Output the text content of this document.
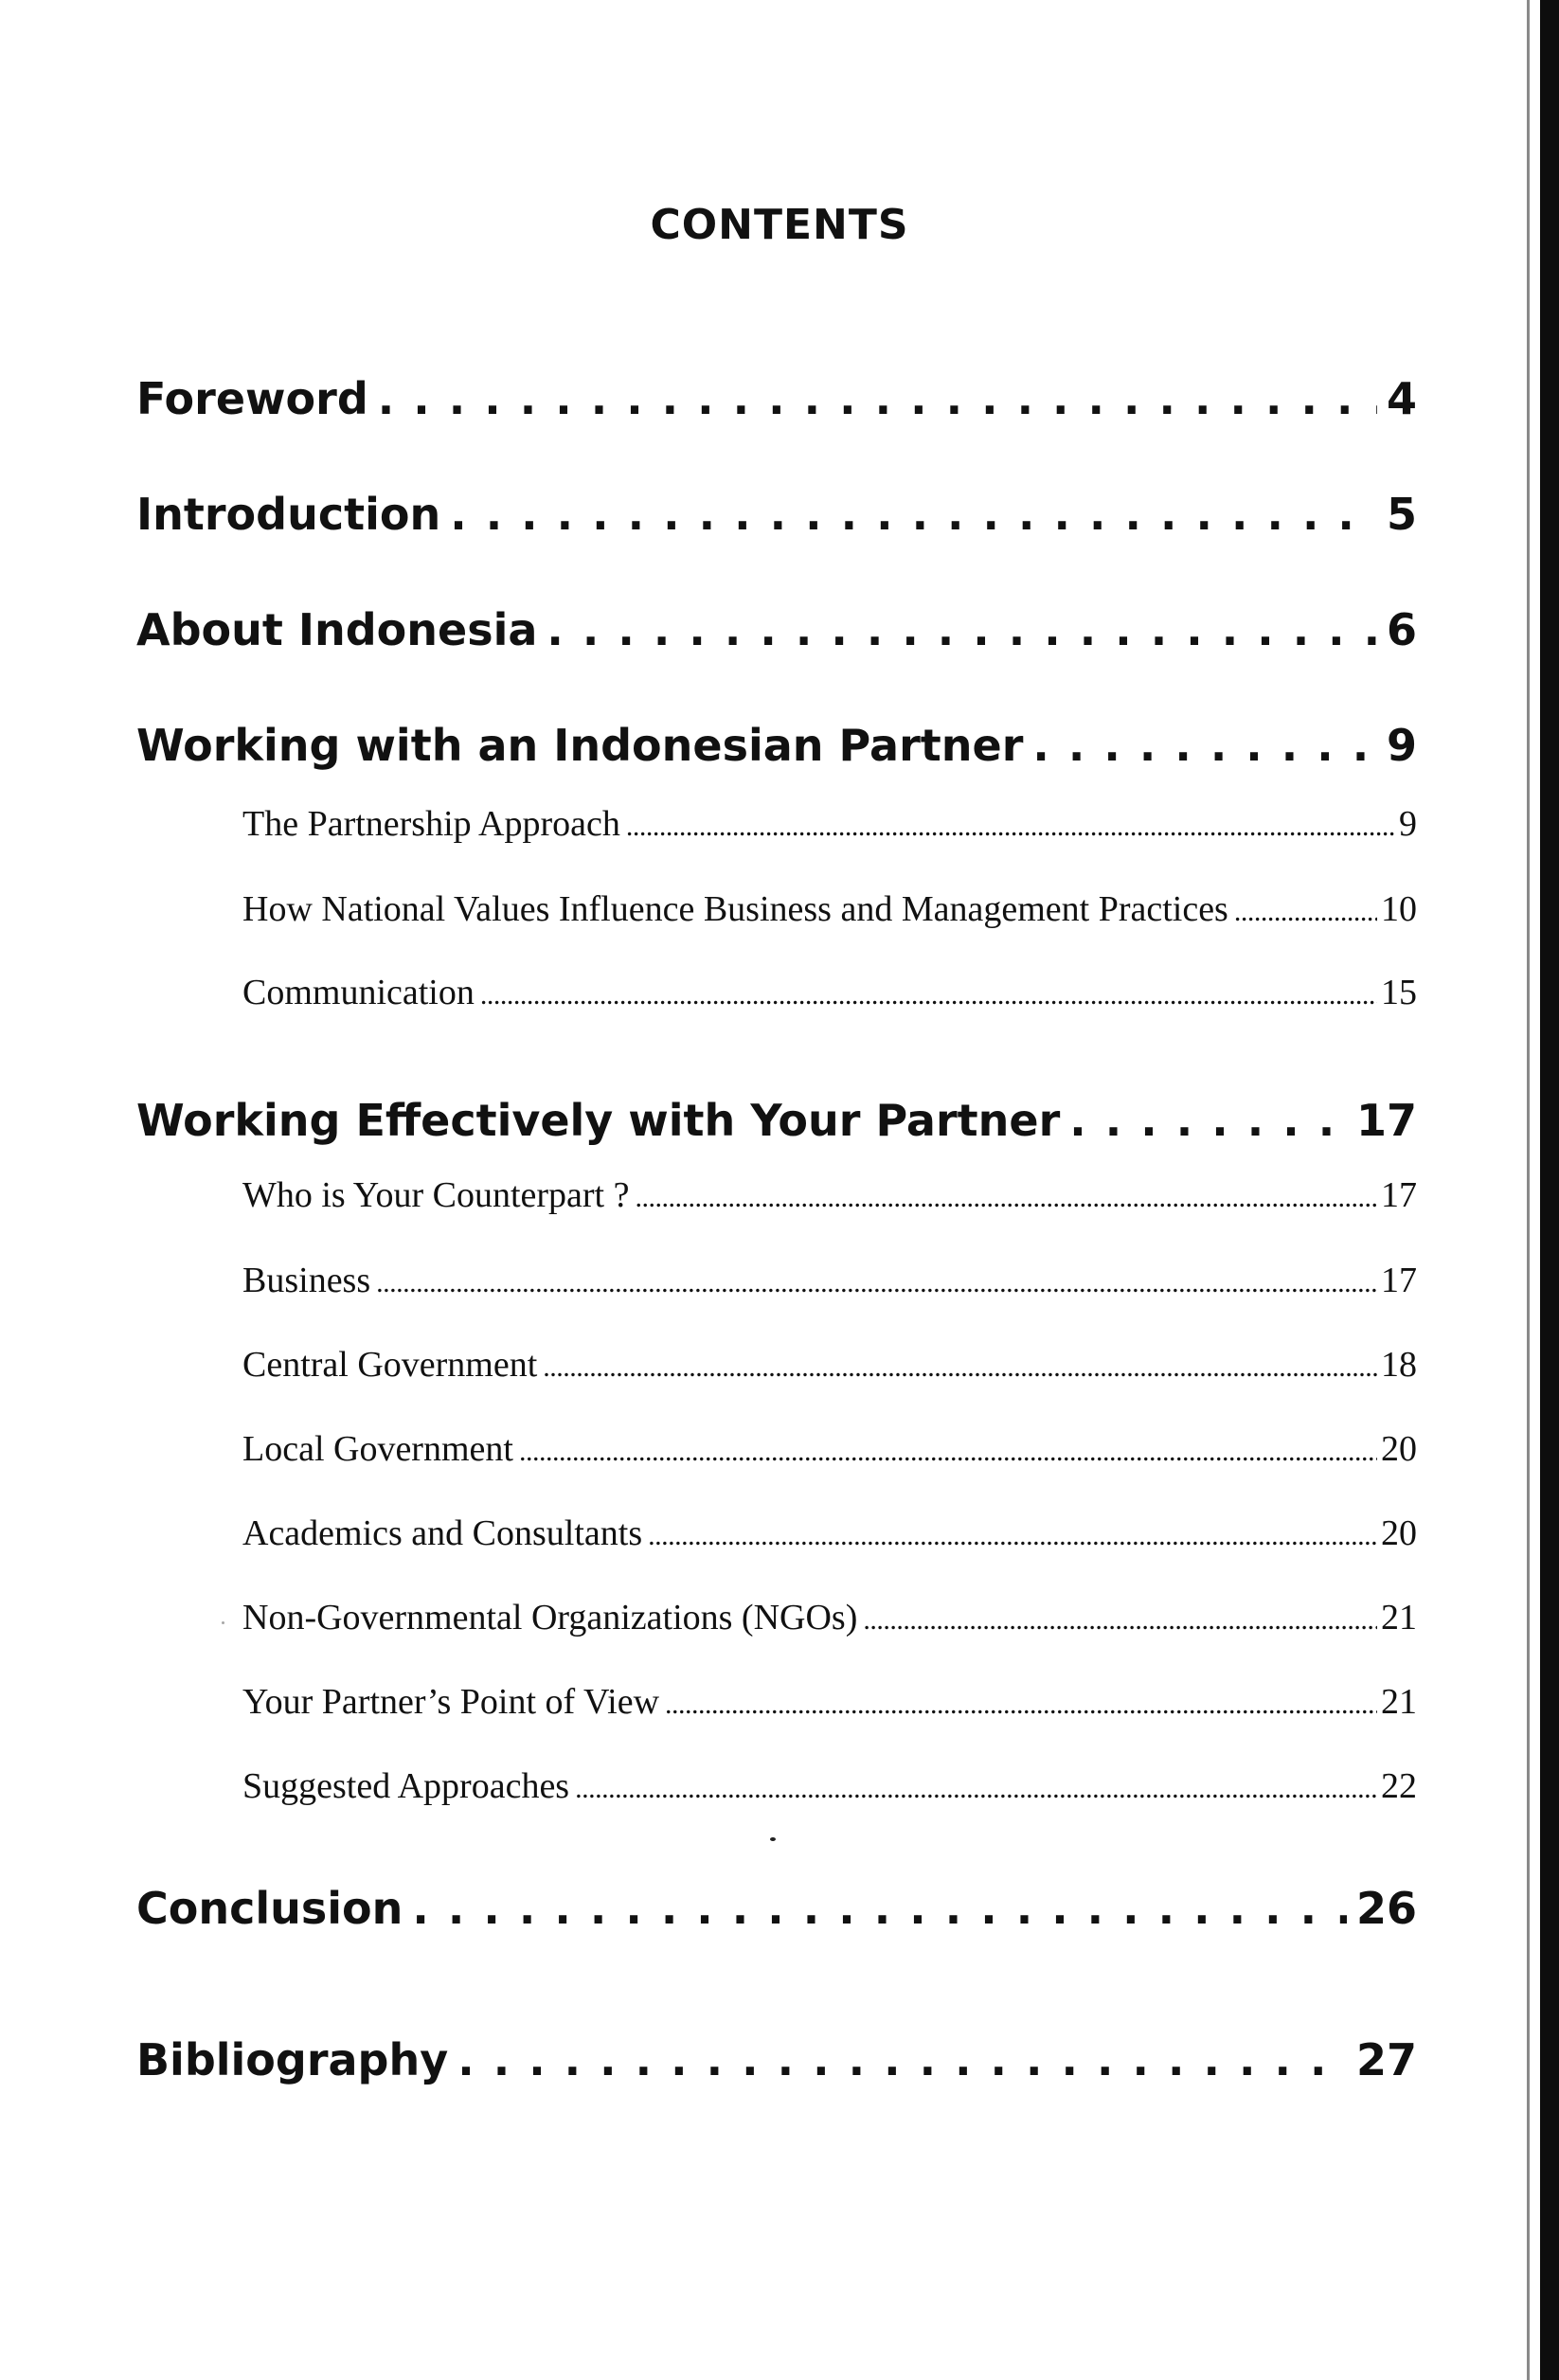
CONTENTS
Foreword . . .	4
Introduction . . .	5
About Indonesia . . .	6
Working with an Indonesian Partner . . .	9
The Partnership Approach . . .	9
How National Values Influence Business and Management Practices . . .	10
Communication . . .	15
Working Effectively with Your Partner . . .	17
Who is Your Counterpart ? . . .	17
Business . . .	17
Central Government . . .	18
Local Government . . .	20
Academics and Consultants . . .	20
Non-Governmental Organizations (NGOs) . . .	21
Your Partner’s Point of View . . .	21
Suggested Approaches . . .	22
Conclusion . . .	26
Bibliography . . .	27
